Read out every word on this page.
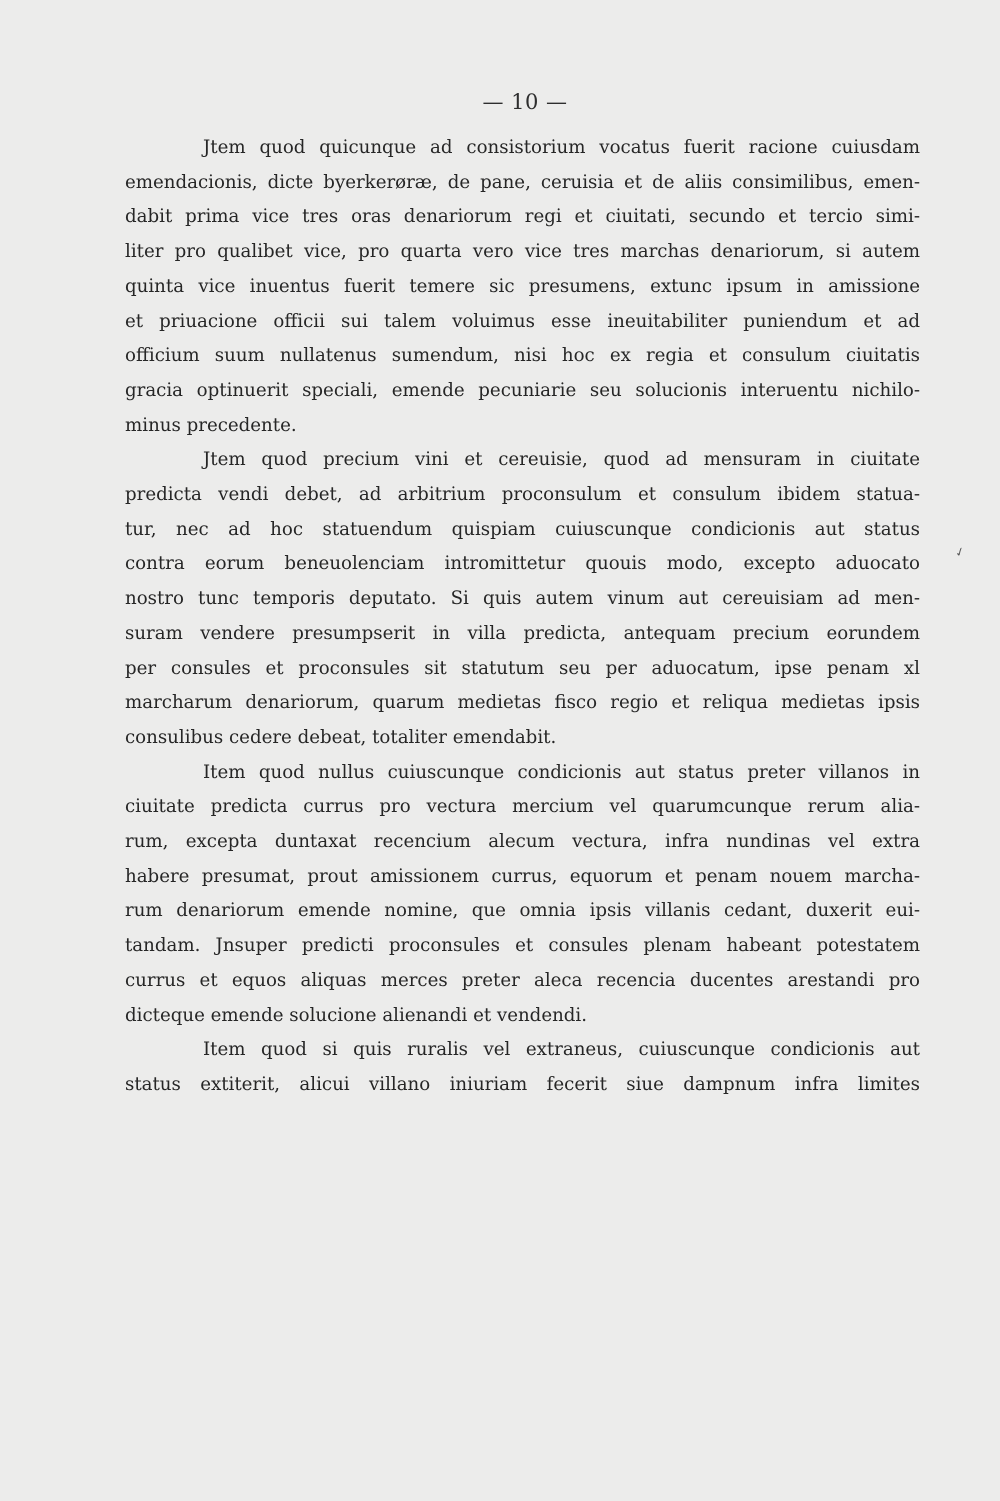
— 10 —
Jtem quod quicunque ad consistorium vocatus fuerit racione cuiusdam
emendacionis, dicte byerkerøræ, de pane, ceruisia et de aliis consimilibus, emen-
dabit prima vice tres oras denariorum regi et ciuitati, secundo et tercio simi-
liter pro qualibet vice, pro quarta vero vice tres marchas denariorum, si autem
quinta vice inuentus fuerit temere sic presumens, extunc ipsum in amissione
et priuacione officii sui talem voluimus esse ineuitabiliter puniendum et ad
officium suum nullatenus sumendum, nisi hoc ex regia et consulum ciuitatis
gracia optinuerit speciali, emende pecuniarie seu solucionis interuentu nichilo-
minus precedente.
Jtem quod precium vini et cereuisie, quod ad mensuram in ciuitate
predicta vendi debet, ad arbitrium proconsulum et consulum ibidem statua-
tur, nec ad hoc statuendum quispiam cuiuscunque condicionis aut status
contra eorum beneuolenciam intromittetur quouis modo, excepto aduocato
nostro tunc temporis deputato. Si quis autem vinum aut cereuisiam ad men-
suram vendere presumpserit in villa predicta, antequam precium eorundem
per consules et proconsules sit statutum seu per aduocatum, ipse penam xl
marcharum denariorum, quarum medietas fisco regio et reliqua medietas ipsis
consulibus cedere debeat, totaliter emendabit.
Item quod nullus cuiuscunque condicionis aut status preter villanos in
ciuitate predicta currus pro vectura mercium vel quarumcunque rerum alia-
rum, excepta duntaxat recencium alecum vectura, infra nundinas vel extra
habere presumat, prout amissionem currus, equorum et penam nouem marcha-
rum denariorum emende nomine, que omnia ipsis villanis cedant, duxerit eui-
tandam. Jnsuper predicti proconsules et consules plenam habeant potestatem
currus et equos aliquas merces preter aleca recencia ducentes arestandi pro
dicteque emende solucione alienandi et vendendi.
Item quod si quis ruralis vel extraneus, cuiuscunque condicionis aut
status extiterit, alicui villano iniuriam fecerit siue dampnum infra limites
✓
